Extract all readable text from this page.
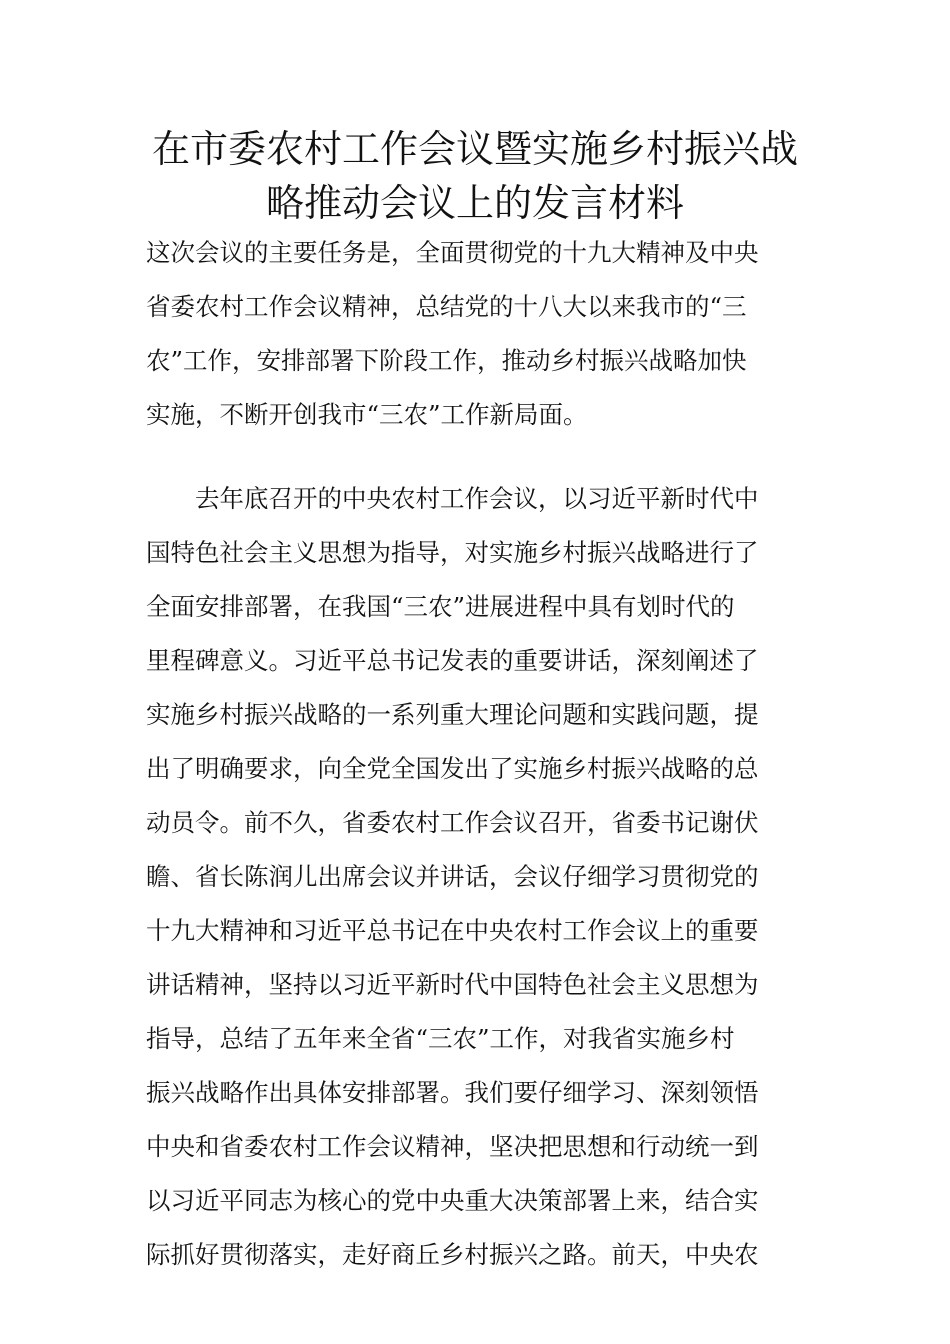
在市委农村工作会议暨实施乡村振兴战
略推动会议上的发言材料
这次会议的主要任务是，全面贯彻党的十九大精神及中央
省委农村工作会议精神，总结党的十八大以来我市的“三
农”工作，安排部署下阶段工作，推动乡村振兴战略加快
实施，不断开创我市“三农”工作新局面。
　　去年底召开的中央农村工作会议，以习近平新时代中
国特色社会主义思想为指导，对实施乡村振兴战略进行了
全面安排部署，在我国“三农”进展进程中具有划时代的
里程碑意义。习近平总书记发表的重要讲话，深刻阐述了
实施乡村振兴战略的一系列重大理论问题和实践问题，提
出了明确要求，向全党全国发出了实施乡村振兴战略的总
动员令。前不久，省委农村工作会议召开，省委书记谢伏
瞻、省长陈润儿出席会议并讲话，会议仔细学习贯彻党的
十九大精神和习近平总书记在中央农村工作会议上的重要
讲话精神，坚持以习近平新时代中国特色社会主义思想为
指导，总结了五年来全省“三农”工作，对我省实施乡村
振兴战略作出具体安排部署。我们要仔细学习、深刻领悟
中央和省委农村工作会议精神，坚决把思想和行动统一到
以习近平同志为核心的党中央重大决策部署上来，结合实
际抓好贯彻落实，走好商丘乡村振兴之路。前天，中央农
